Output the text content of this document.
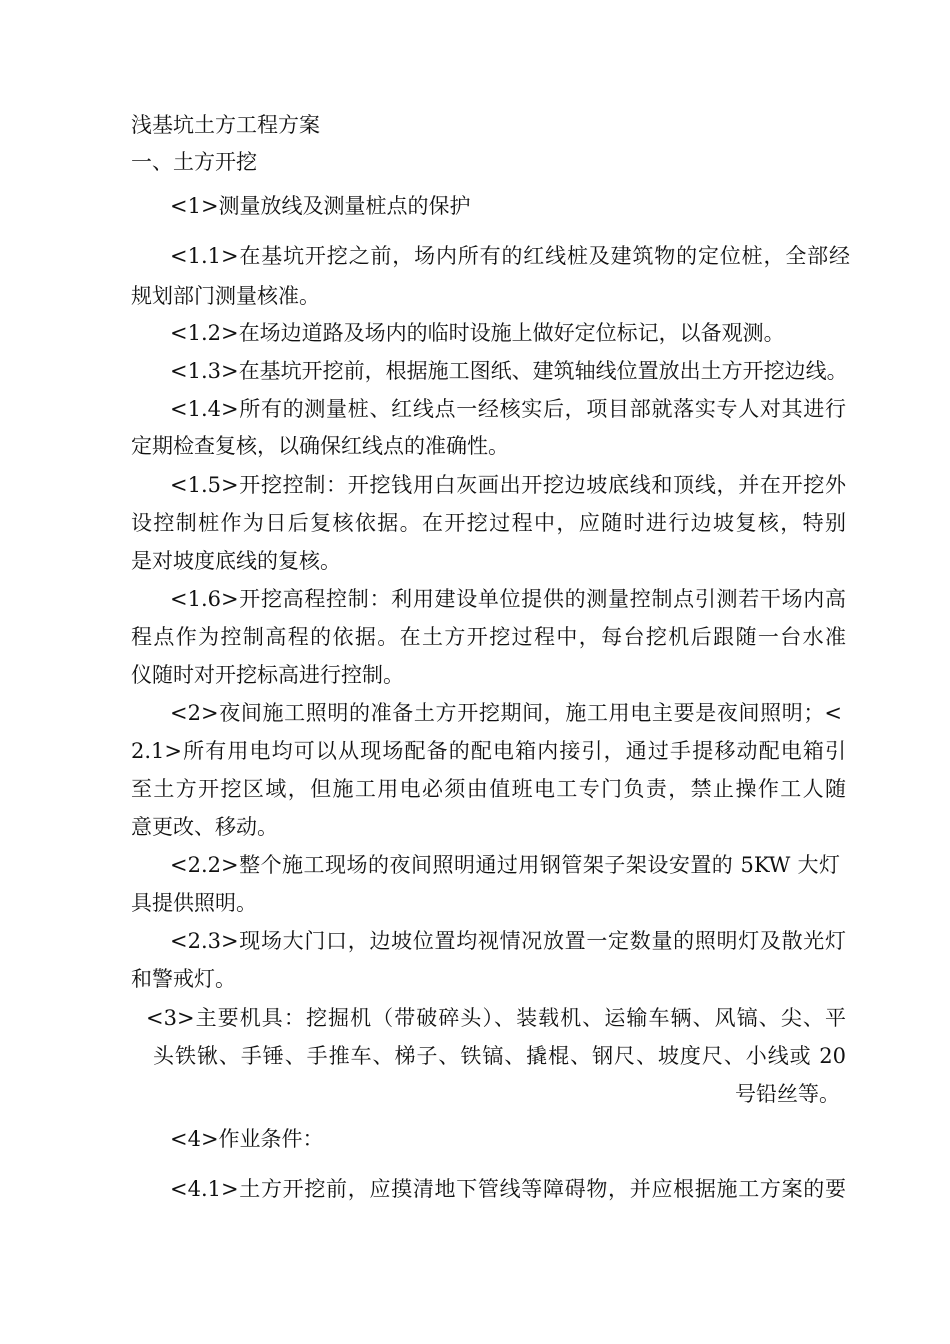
浅基坑土方工程方案
一、土方开挖
<1>测量放线及测量桩点的保护
<1.1>在基坑开挖之前，场内所有的红线桩及建筑物的定位桩，全部经
规划部门测量核准。
<1.2>在场边道路及场内的临时设施上做好定位标记，以备观测。
<1.3>在基坑开挖前，根据施工图纸、建筑轴线位置放出土方开挖边线。
<1.4>所有的测量桩、红线点一经核实后，项目部就落实专人对其进行
定期检查复核，以确保红线点的准确性。
<1.5>开挖控制：开挖钱用白灰画出开挖边坡底线和顶线，并在开挖外
设控制桩作为日后复核依据。在开挖过程中，应随时进行边坡复核，特别
是对坡度底线的复核。
<1.6>开挖高程控制：利用建设单位提供的测量控制点引测若干场内高
程点作为控制高程的依据。在土方开挖过程中，每台挖机后跟随一台水准
仪随时对开挖标高进行控制。
<2>夜间施工照明的准备土方开挖期间，施工用电主要是夜间照明；<
2.1>所有用电均可以从现场配备的配电箱内接引，通过手提移动配电箱引
至土方开挖区域，但施工用电必须由值班电工专门负责，禁止操作工人随
意更改、移动。
<2.2>整个施工现场的夜间照明通过用钢管架子架设安置的 5KW 大灯
具提供照明。
<2.3>现场大门口，边坡位置均视情况放置一定数量的照明灯及散光灯
和警戒灯。
<3>主要机具：挖掘机（带破碎头）、装载机、运输车辆、风镐、尖、平
头铁锹、手锤、手推车、梯子、铁镐、撬棍、钢尺、坡度尺、小线或 20
号铅丝等。
<4>作业条件：
<4.1>土方开挖前，应摸清地下管线等障碍物，并应根据施工方案的要
